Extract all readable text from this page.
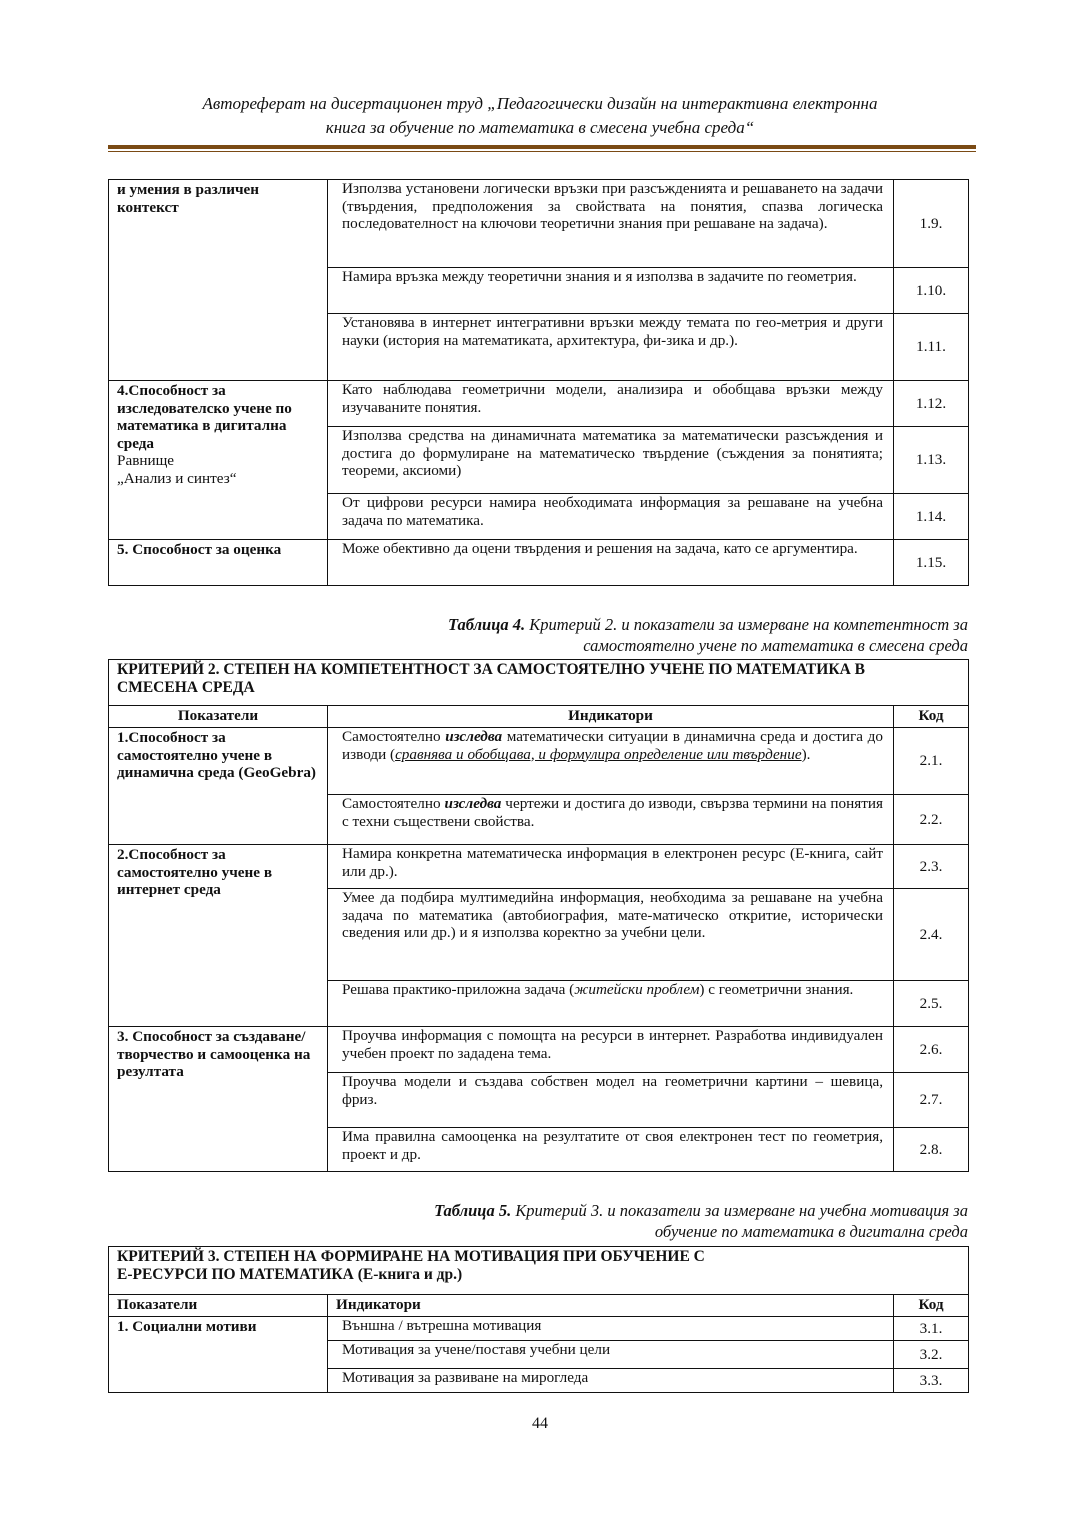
Автореферат на дисертационен труд „Педагогически дизайн на интерактивна електронна
книга за обучение по математика в смесена учебна среда“
и умения в различен контекст	Използва установени логически връзки при разсъжденията и решаването на задачи (твърдения, предположения за свойствата на понятия, спазва логическа последователност на ключови теоретични знания при решаване на задача).	1.9.
	Намира връзка между теоретични знания и я използва в задачите по геометрия.	1.10.
	Установява в интернет интегративни връзки между темата по гео-метрия и други науки (история на математиката, архитектура, фи-зика и др.).	1.11.
4.Способност за изследователско учене по математика в дигитална среда
Равнище
„Анализ и синтез“	Като наблюдава геометрични модели, анализира и обобщава връзки между изучаваните понятия.	1.12.
	Използва средства на динамичната математика за математически разсъждения и достига до формулиране на математическо твърдение (съждения за понятията; теореми, аксиоми)	1.13.
	От цифрови ресурси намира необходимата информация за решаване на учебна задача по математика.	1.14.
5. Способност за оценка	Може обективно да оцени твърдения и решения на задача, като се аргументира.	1.15.
Таблица 4. Критерий 2. и показатели за измерване на компетентност за
самостоятелно учене по математика в смесена среда
КРИТЕРИЙ 2. СТЕПЕН НА КОМПЕТЕНТНОСТ ЗА САМОСТОЯТЕЛНО УЧЕНЕ ПО МАТЕМАТИКА В СМЕСЕНА СРЕДА		
Показатели	Индикатори	Код
1.Способност за самостоятелно учене в динамична среда (GeoGebra)	Самостоятелно изследва математически ситуации в динамична среда и достига до изводи (сравнява и обобщава, и формулира определение или твърдение).	2.1.
	Самостоятелно изследва чертежи и достига до изводи, свързва термини на понятия с техни съществени свойства.	2.2.
2.Способност за самостоятелно учене в интернет среда	Намира конкретна математическа информация в електронен ресурс (Е-книга, сайт или др.).	2.3.
	Умее да подбира мултимедийна информация, необходима за решаване на учебна задача по математика (автобиография, мате-матическо откритие, исторически сведения или др.) и я използва коректно за учебни цели.	2.4.
	Решава практико-приложна задача (житейски проблем) с геометрични знания.	2.5.
3. Способност за създаване/творчество и самооценка на резултата	Проучва информация с помощта на ресурси в интернет. Разработва индивидуален учебен проект по зададена тема.	2.6.
	Проучва модели и създава собствен модел на геометрични картини – шевица, фриз.	2.7.
	Има правилна самооценка на резултатите от своя електронен тест по геометрия, проект и др.	2.8.
Таблица 5. Критерий 3. и показатели за измерване на учебна мотивация за
обучение по математика в дигитална среда
КРИТЕРИЙ 3. СТЕПЕН НА ФОРМИРАНЕ НА МОТИВАЦИЯ ПРИ ОБУЧЕНИЕ С
Е-РЕСУРСИ ПО МАТЕМАТИКА (Е-книга и др.)		

Показатели	Индикатори	Код
1. Социални мотиви	Външна / вътрешна мотивация	3.1.
	Мотивация за учене/поставя учебни цели	3.2.
	Мотивация за развиване на мирогледа	3.3.
44
